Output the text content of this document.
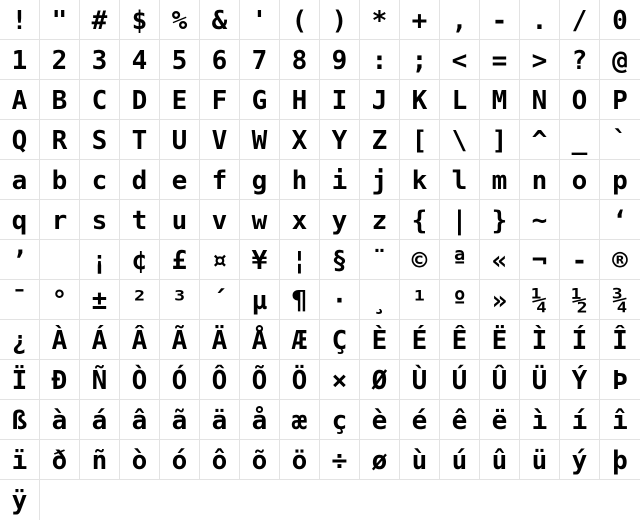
! " # $ % & ' ( ) * + , - . / 0
1 2 3 4 5 6 7 8 9 : ; < = > ? @
A B C D E F G H I J K L M N O P
Q R S T U V W X Y Z [ \ ] ^ _ `
a b c d e f g h i j k l m n o p
q r s t u v w x y z { | } ~	‘
’	¡ ¢ £ ¤ ¥ ¦ § ¨ © ª « ¬ - ®
¯ ° ± ² ³ ´ µ ¶ · ¸ ¹ º » ¼ ½ ¾
¿ À Á Â Ã Ä Å Æ Ç È É Ê Ë Ì Í Î
Ï Ð Ñ Ò Ó Ô Õ Ö × Ø Ù Ú Û Ü Ý Þ
ß à á â ã ä å æ ç è é ê ë ì í î
ï ð ñ ò ó ô õ ö ÷ ø ù ú û ü ý þ
ÿ
